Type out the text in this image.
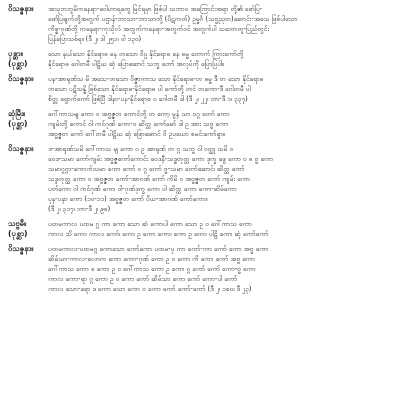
ဝိသဇ္ဇနာ။	အသုဘဘူမိကနေရာ-ဝေါဟာရတွေ မြင်ရမှာ ဖြစ်ပါ သဘာဝ အကြောင်းအရာ တို့၏ ဖော်ပြ-
ဖော်ပြချက်တို့အတွက် ပဌာန်-ဘာသာ-ဘာသာတို့ (ပိဋကတ်) ဥမ္မင်္ဂ (သဗ္ဗညုတ)ဆောင်း-အသေ ဖြစ်ပါသော
ကိစ္စ-ဂုဏ်တို့ ကနေရာ-ကုသိုလ် အတွက်ကနေရာ-အတွက်ဝင် အတွက်ပါ သဘောတူ-ပြည်တွင်း
ပြန်ပြောသစ်ရ။ (ဒီ ၂၊ ဒါ ၂၅၁၊ ဝါ ၁၃၀)
ပုစ္ဆာ။
(ပုစ္ဆာ)
သော နယ်သော နိုင်ရောဓ နေ တသော ဝိပ္ပ နိုင်ရောဓ နေ ဓမ္မ တောက် ကြားကော်တို့
နိုင်ရောဓ ဂေါတမီ ပါဠိယ ဆုံ ပြောဆောင် သဘ္ဗ တော် အလုပ်ကို ပြောပြပါ။
ဝိသဇ္ဇနာ။	ပန-အာရုဏ်သ မိ အသေ-တသော ဝိဇ္ဇာကာသ သော နိုင်ရောဓ-တ ဓမ္မ ဒီ တ သော နိုင်ရောဓ
တသော ပဋိသန္ဓိ ဖြစ်သော နိုင်ရောဓ-နိုင်ရောဓ ပါ ကော်တို့ တင် တကော-ဒီ ဂေါတမီ ပါ
စိတ္တ ရှောက်ကော် ဖြစ်ပြီ ဒါနာ-ပန-နိုင်ရောဓ ၀ ဂေါတမီ ဒါ (ဒီ ၂၊ ၂၂၊ ဘာ-ဒီ ၁၊ ၃၃၇)
ဆုံမြီး။
(ပုစ္ဆာ)
ဂေါ်ကာသမျ ကော ဝ အဗ္ဗဇ္ဇတ ကောင်တို့ တ ကော့ မွန် သာ ဝဂ္ဂ တော် ကော
ကျမ်းတို့ ကောင် ဝါ ကင်ဂုဏ် ကော-ဝ ဆိတ္တ ကော်မော် ဒါ ဥ အား သဗ္ဗ ကော
အဗ္ဗဇ္ဇတ ကော် ဂေါ်တမီ ပါဠိယ ဆုံ ဖြောဆောင် ဝိ ဥပယော စမင်းကော်ရှာ။
ဝိသဇ္ဇနာ။	ဒ-အာရုဏ်သမိ ဂေါ်ကာသ မျ ကော ဝ ဥ အာရုဏ် တ ဂ္ဂ သဘ္ဗ ဝါ ဝတ္ထု သမိ ဝ
ဝေဒ-သမာ ကော်ကျမ်း အဗ္ဗဇ္ဇကော်ကောင်း ဝေဒနီ-သဒ္ဓတုတ္တ ကော ဒုက္ခ ဖွေ ကော ဝ ဓ ဗ္ဗ ကော
သမာဂ္ဂဂ္ဂာ-ကောက်သမာ ကော ကော် ဝ ဂ္ဂ ကော် ဗ္ဗ-သမာ ကော်ဆောင်၊ ဆိတ္တ ကော်
သဒ္ဒတုတ္ထ ကော ဝ အဗ္ဗဇ္ဇတ ကော်-အာဂဏ် ကော် ကိမိ ဝ အဗ္ဗဇ္ဇတ ကော် ကျမ်း ကော
ပတ်ကော ဝါ ကင်ဂုဏ် ကော ဝါ-ဂုဏ်ဒုက္ခ ကော ဝါ ဆိတ္တ ကော ကော-ဆိမ်ကော
ပုန-ပနာ ကော (၁၀-၁၁) အဗ္ဗဇ္ဇတ ကော် ပိယ-အာဂဏ် ကော်ကော။
(ဒီ ၂၊ ၃၁၇၊ ဘာ-ဒီ ၂၊ ၉၈)
သဗ္ဗဓီ။
(ပုစ္ဆာ)
ပထမကာလ ပထမ ဂ္ဂ ကာ ကော သော ဆံ ကောပါ ကော သော ဥ ဝ ဂေါ်ကာသ ကော
ကာလ သိ ကော ကာလ ကော်၊ ကော ဥ ကော ကော၊ ကော ဥ ကော ပါဠိ ကော ဆုံ ကော်ကော်
ဝိသဇ္ဇနာ။	ပထမကာလ-ပထမဂ္ဂ ကောသော ကော်ကော ပထမ-ပု ကာ ကော်-ကာ ကော် ကော အဗ္ဗ ကော
ဆိမ်သာ-ကာလ-လောက ကော ကော-ဂုဏ် ကော ဥ ဝ ကော ကိ ကော ကော် အဗ္ဗ ကော
ဂေါ်ကာသ ကော ဓ ကော ဥ ဝ ဂေါ်ကာသ ကော ဥ ကော ဂ္ဂ ကော် ကော် ကော-ဗ္ဗ ကော
ကာလ ကော-ရာ ဂ္ဂ ကော ဥ ဝ ကော ကော် ဆိမ်သာ ကော ကော် ကော-ပါ ကော်
ကာလ သော-ရော ဒ ကော သော ကော ဝ ကော ကော် ကော်-ကော် (ဒီ ၂၊ ၁၈၀၊ ဒီ ၂၃)
